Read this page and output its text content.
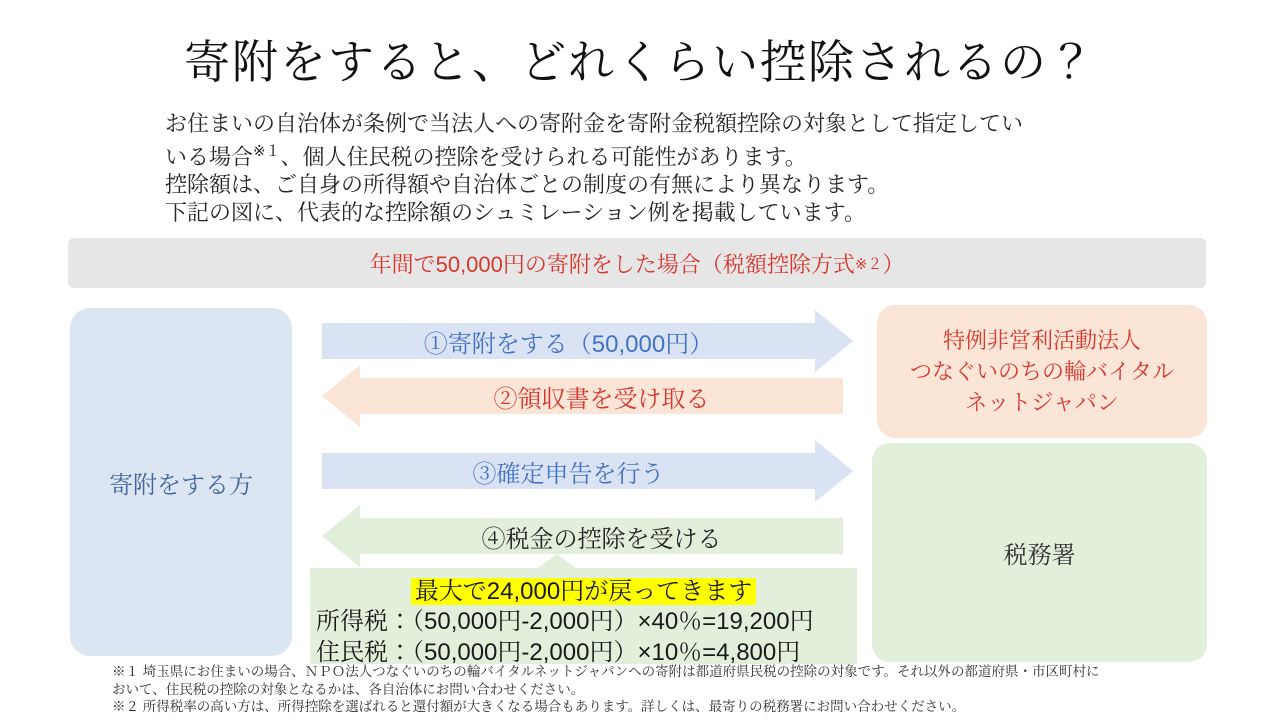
寄附をすると、どれくらい控除されるの？
お住まいの自治体が条例で当法人への寄附金を寄附金税額控除の対象として指定してい
いる場合$^{※1}$、個人住民税の控除を受けられる可能性があります。
控除額は、ご自身の所得額や自治体ごとの制度の有無により異なります。
下記の図に、代表的な控除額のシュミレーション例を掲載しています。
年間で50,000円の寄附をした場合（税額控除方式 ※２ ）
寄附をする方
特例非営利活動法人
つなぐいのちの輪バイタル
ネットジャパン
税務署
①寄附をする（50,000円）
②領収書を受け取る
③確定申告を行う
④税金の控除を受ける
最大で24,000円が戻ってきます
所得税：（50,000円-2,000円）×40％=19,200円
住民税：（50,000円-2,000円）×10％=4,800円
※１ 埼玉県にお住まいの場合、ＮＰＯ法人つなぐいのちの輪バイタルネットジャパンへの寄附は都道府県民税の控除の対象です。それ以外の都道府県・市区町村に
おいて、住民税の控除の対象となるかは、各自治体にお問い合わせください。
※２ 所得税率の高い方は、所得控除を選ばれると還付額が大きくなる場合もあります。詳しくは、最寄りの税務署にお問い合わせください。
